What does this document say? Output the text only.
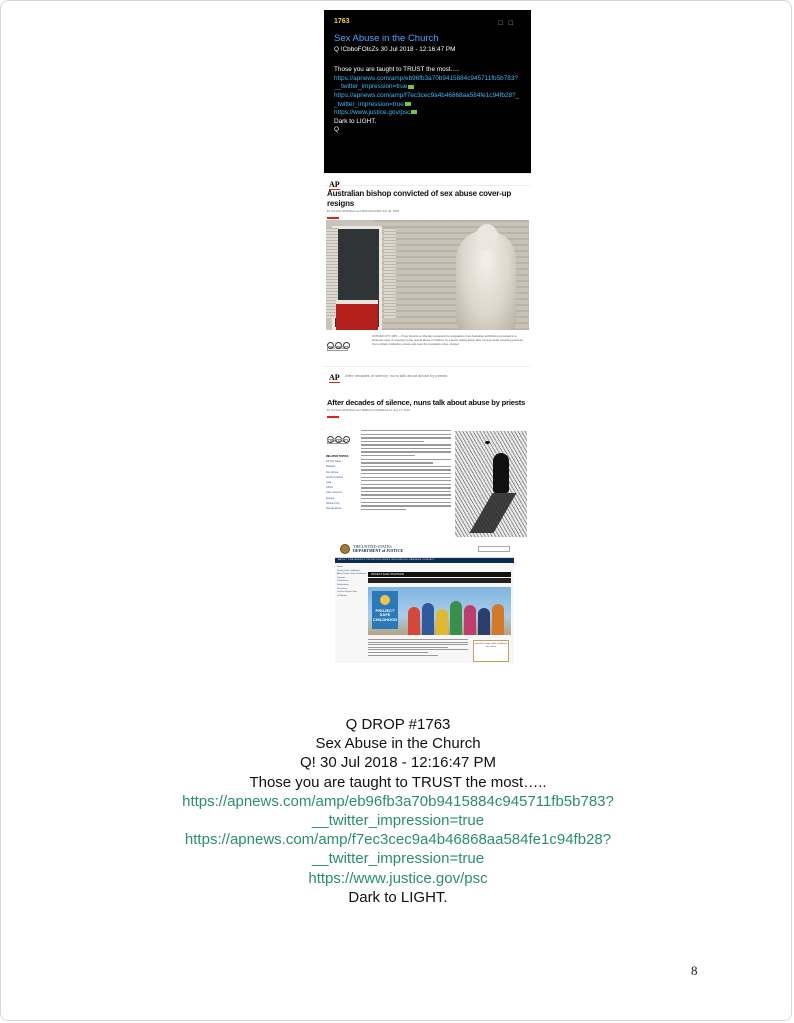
1763	□□
Sex Abuse in the Church
Q !CbboFOtcZs 30 Jul 2018 - 12:16:47 PM
Those you are taught to TRUST the most.....
https://apnews.com/amp/eb96fb3a70b9415884c945711fb5b783?__twitter_impression=true
https://apnews.com/amp/f7ec3cec9a4b46868aa584fe1c94fb28?__twitter_impression=true
https://www.justice.gov/psc
Dark to LIGHT.
Q
AP
Australian bishop convicted of sex abuse cover-up resigns
By NICOLE WINFIELD and ROD MCGUIRK July 30, 2018
Print & Email
VATICAN CITY (AP) — Pope Francis on Monday accepted the resignation of an Australian archbishop convicted in a landmark case of covering up the sexual abuse of children by a priest, taking action after coming under mounting pressure from ordinary Catholics, priests and even the Australian prime minister.
AP After decades of silence, nuns talk about abuse by priests
After decades of silence, nuns talk about abuse by priests
By NICOLE WINFIELD and REBECCA MAREHOLLA July 27, 2018
Print & Email
RELATED TOPICS
AP Top News
Religion
Sex abuse
South America
Asia
Africa
Latin America
Europe
Vatican City
Sexual abuse
THE UNITED STATES
DEPARTMENT of JUSTICE
ABOUT OUR AGENCY PRIORITIES NEWS RESOURCES CAREERS CONTACT
Home
Project Safe Childhood
About Project Safe Childhood
Partners
Publications
Notifications
Resources
Contact Project Safe Childhood
PROJECT SAFE CHILDHOOD
PROJECT SAFE CHILDHOOD
Read the Project Safe Childhood Fact Sheet
Q DROP #1763
Sex Abuse in the Church
Q! 30 Jul 2018 - 12:16:47 PM
Those you are taught to TRUST the most…..
https://apnews.com/amp/eb96fb3a70b9415884c945711fb5b783?
__twitter_impression=true
https://apnews.com/amp/f7ec3cec9a4b46868aa584fe1c94fb28?
__twitter_impression=true
https://www.justice.gov/psc
Dark to LIGHT.
8
